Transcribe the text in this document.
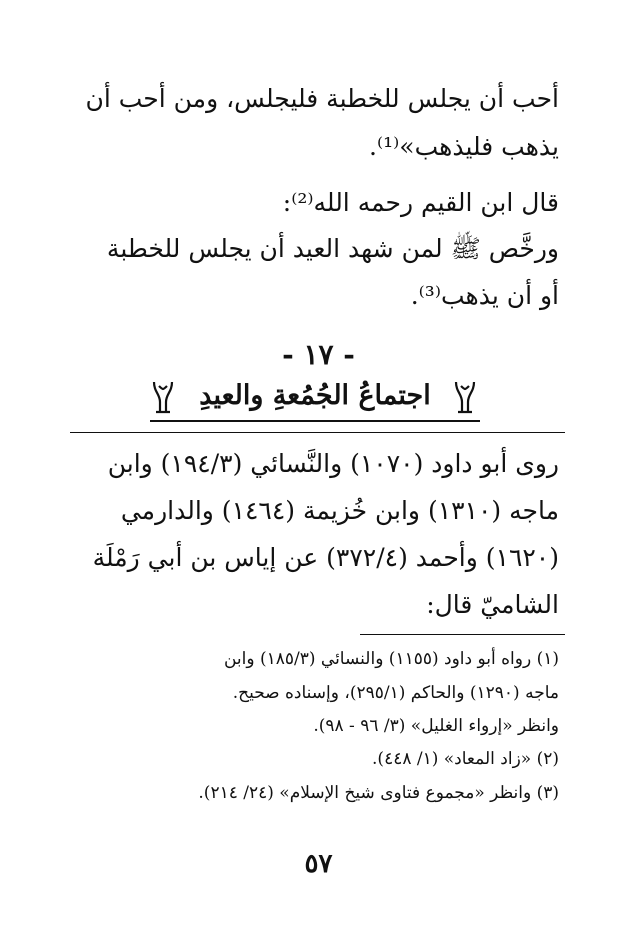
أحب أن يجلس للخطبة فليجلس، ومن أحب أن
يذهب فليذهب»⁽¹⁾.
قال ابن القيم رحمه الله⁽²⁾:
ورخَّص ﷺ لمن شهد العيد أن يجلس للخطبة
أو أن يذهب⁽³⁾.
- ١٧ -
اجتماعُ الجُمُعةِ والعيدِ
روى أبو داود (١٠٧٠) والنَّسائي (١٩٤/٣) وابن
ماجه (١٣١٠) وابن خُزيمة (١٤٦٤) والدارمي
(١٦٢٠) وأحمد (٣٧٢/٤) عن إياس بن أبي رَمْلَة
الشاميّ قال:
(١) رواه أبو داود (١١٥٥) والنسائي (١٨٥/٣) وابن
ماجه (١٢٩٠) والحاكم (٢٩٥/١)، وإسناده صحيح.
وانظر «إرواء الغليل» (٣/ ٩٦ - ٩٨).
(٢) «زاد المعاد» (١/ ٤٤٨).
(٣) وانظر «مجموع فتاوى شيخ الإسلام» (٢٤/ ٢١٤).
٥٧
